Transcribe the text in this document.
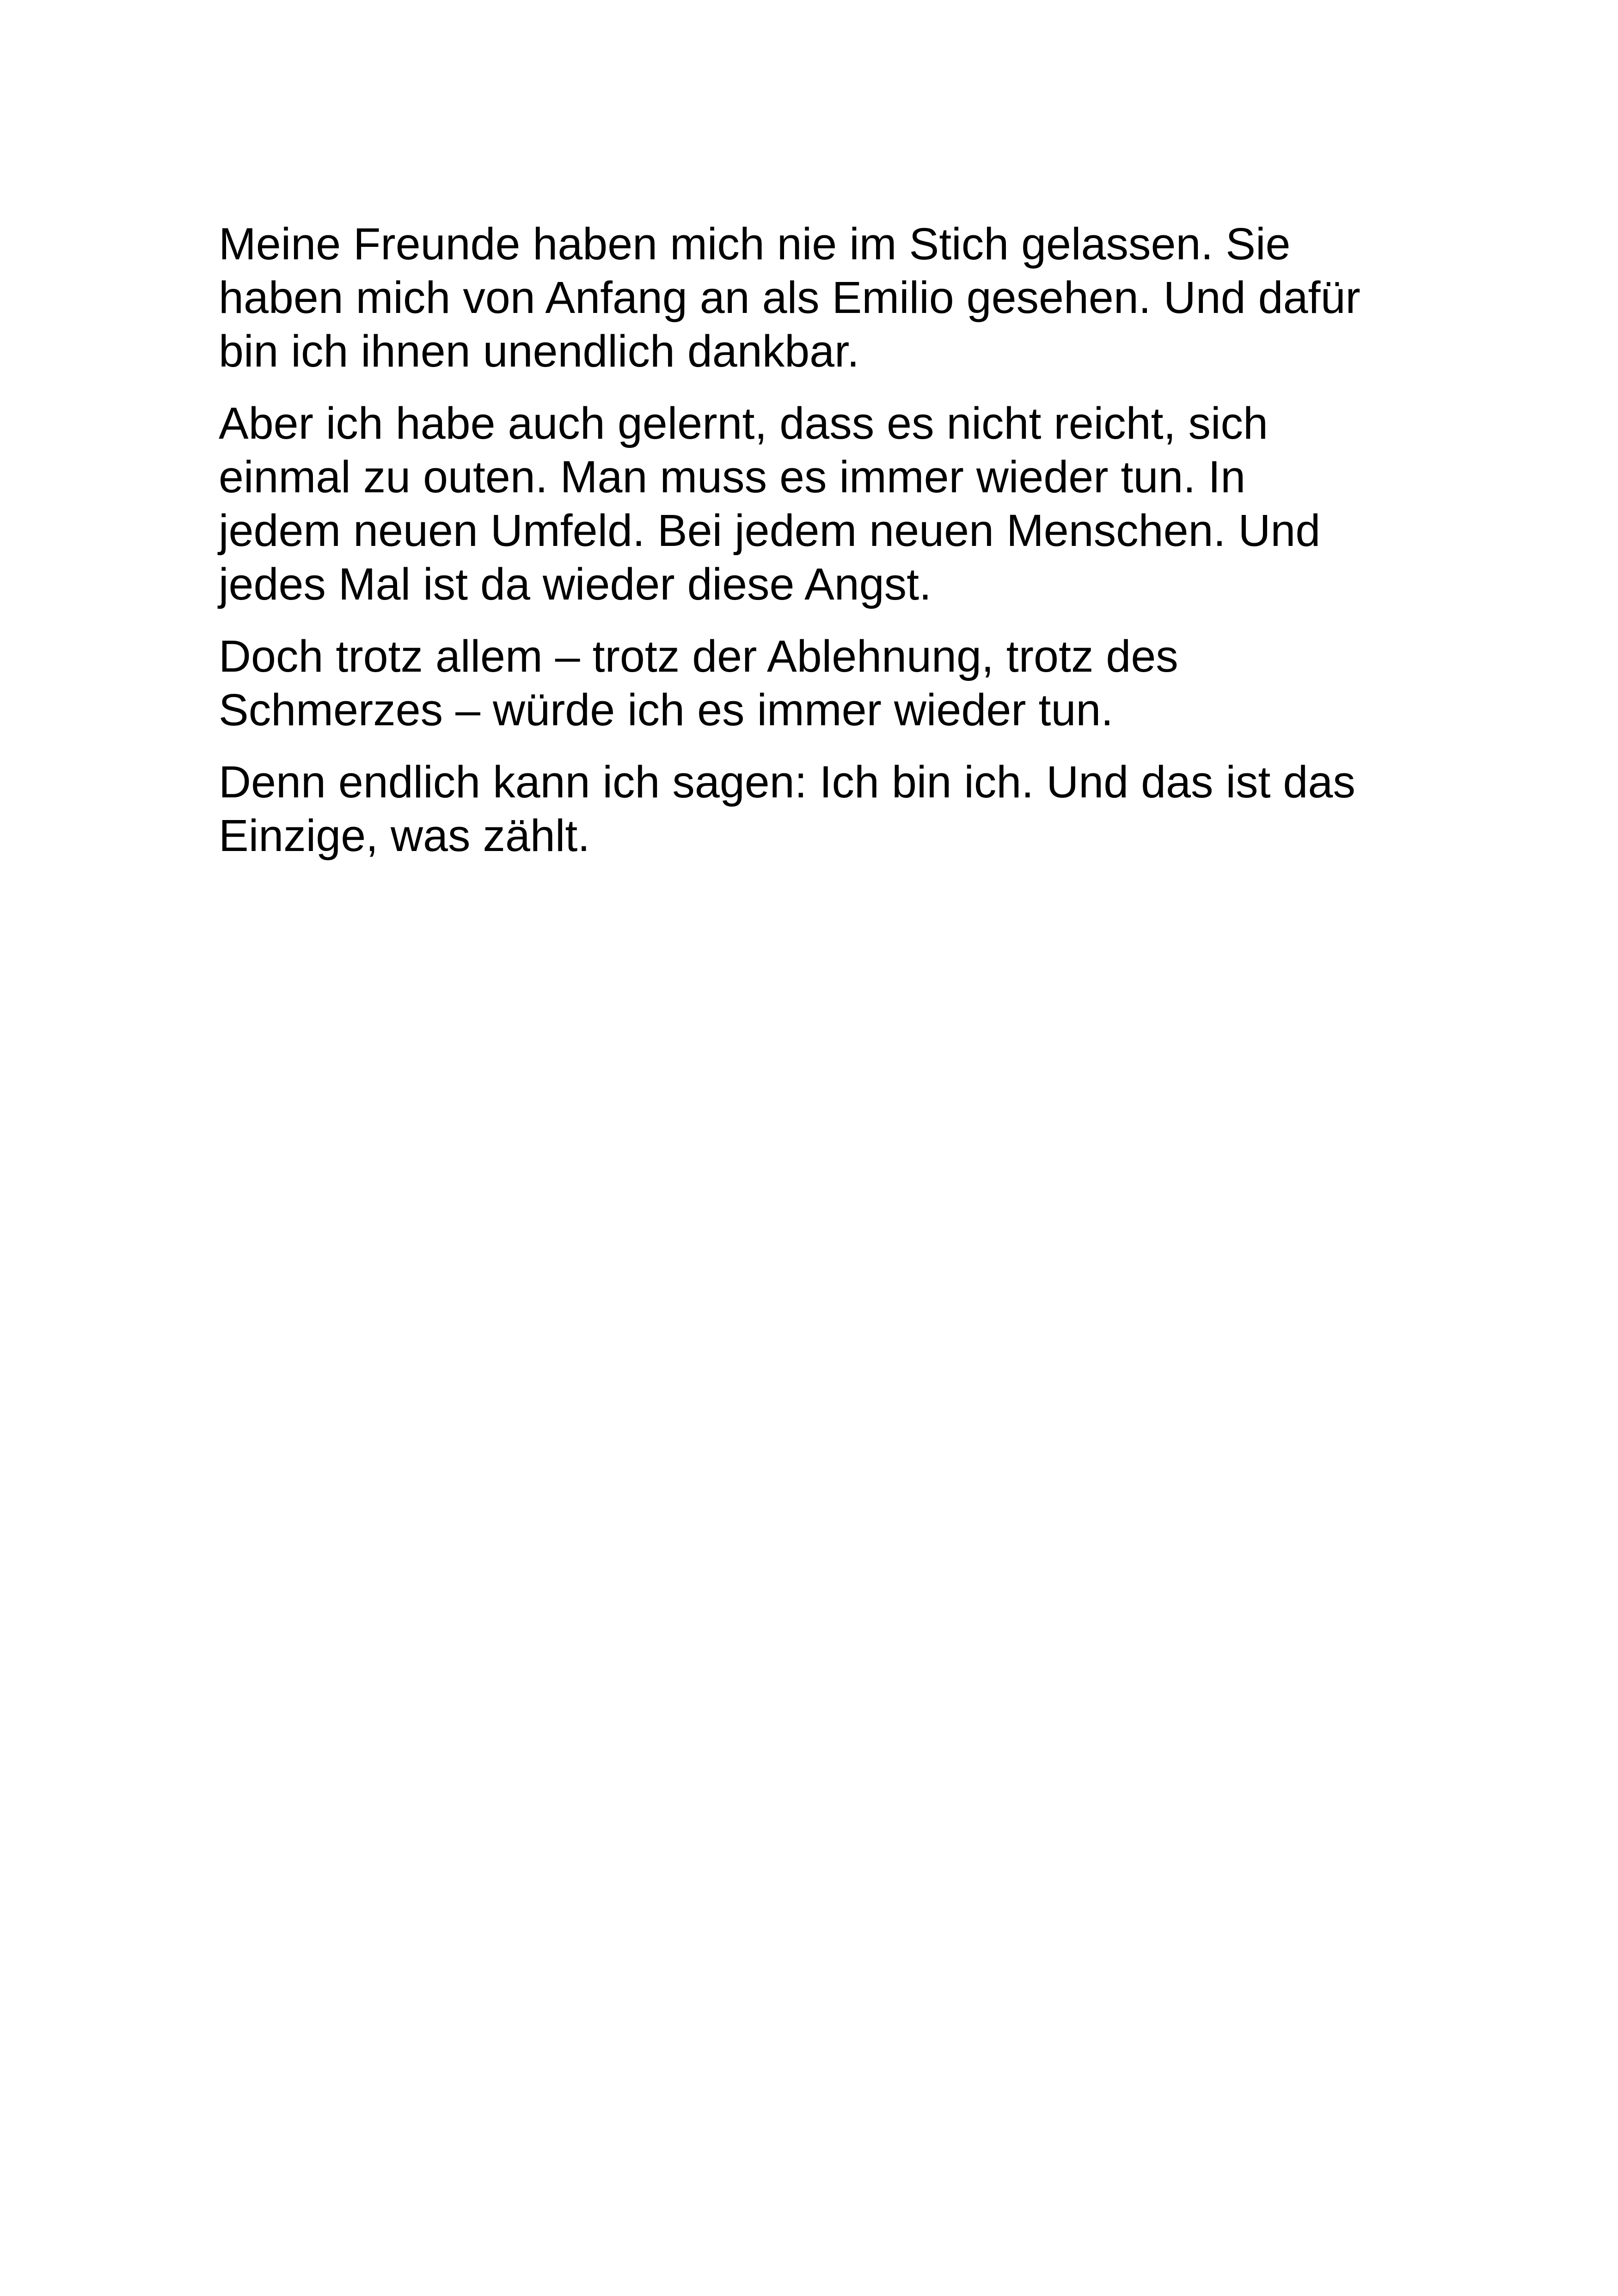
Meine Freunde haben mich nie im Stich gelassen. Sie
haben mich von Anfang an als Emilio gesehen. Und dafür
bin ich ihnen unendlich dankbar.

Aber ich habe auch gelernt, dass es nicht reicht, sich
einmal zu outen. Man muss es immer wieder tun. In
jedem neuen Umfeld. Bei jedem neuen Menschen. Und
jedes Mal ist da wieder diese Angst.

Doch trotz allem – trotz der Ablehnung, trotz des
Schmerzes – würde ich es immer wieder tun.

Denn endlich kann ich sagen: Ich bin ich. Und das ist das
Einzige, was zählt.
